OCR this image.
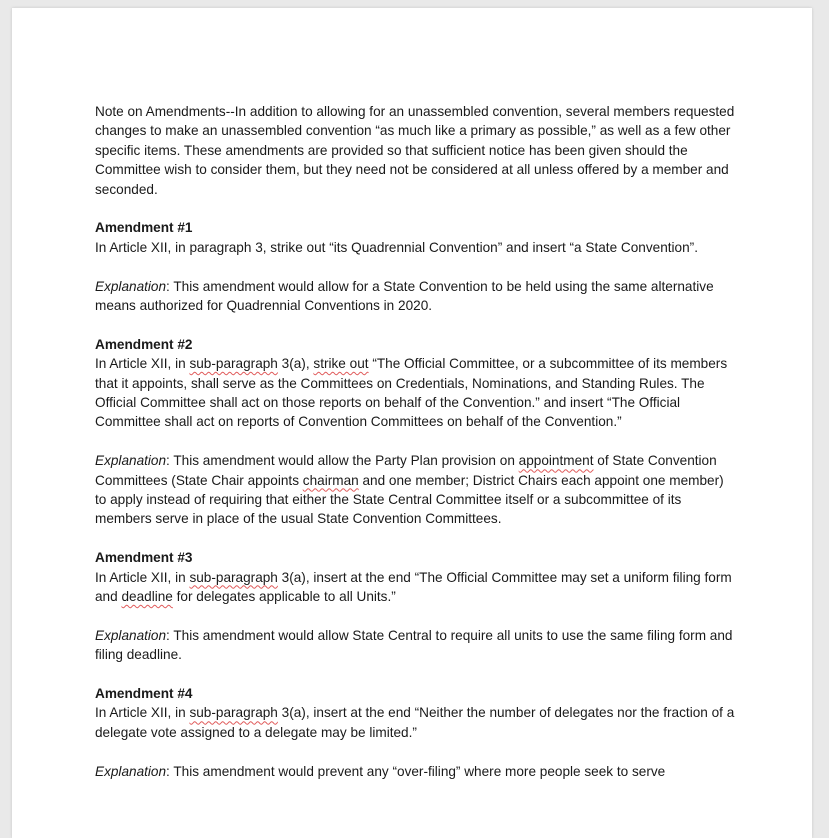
Note on Amendments--In addition to allowing for an unassembled convention, several members requested changes to make an unassembled convention “as much like a primary as possible,” as well as a few other specific items. These amendments are provided so that sufficient notice has been given should the Committee wish to consider them, but they need not be considered at all unless offered by a member and seconded.

Amendment #1
In Article XII, in paragraph 3, strike out “its Quadrennial Convention” and insert “a State Convention”.

Explanation: This amendment would allow for a State Convention to be held using the same alternative means authorized for Quadrennial Conventions in 2020.

Amendment #2
In Article XII, in sub-paragraph 3(a), strike out “The Official Committee, or a subcommittee of its members that it appoints, shall serve as the Committees on Credentials, Nominations, and Standing Rules. The Official Committee shall act on those reports on behalf of the Convention.” and insert “The Official Committee shall act on reports of Convention Committees on behalf of the Convention.”

Explanation: This amendment would allow the Party Plan provision on appointment of State Convention Committees (State Chair appoints chairman and one member; District Chairs each appoint one member) to apply instead of requiring that either the State Central Committee itself or a subcommittee of its members serve in place of the usual State Convention Committees.

Amendment #3
In Article XII, in sub-paragraph 3(a), insert at the end “The Official Committee may set a uniform filing form and deadline for delegates applicable to all Units.”

Explanation: This amendment would allow State Central to require all units to use the same filing form and filing deadline.

Amendment #4
In Article XII, in sub-paragraph 3(a), insert at the end “Neither the number of delegates nor the fraction of a delegate vote assigned to a delegate may be limited.”

Explanation: This amendment would prevent any “over-filing” where more people seek to serve
